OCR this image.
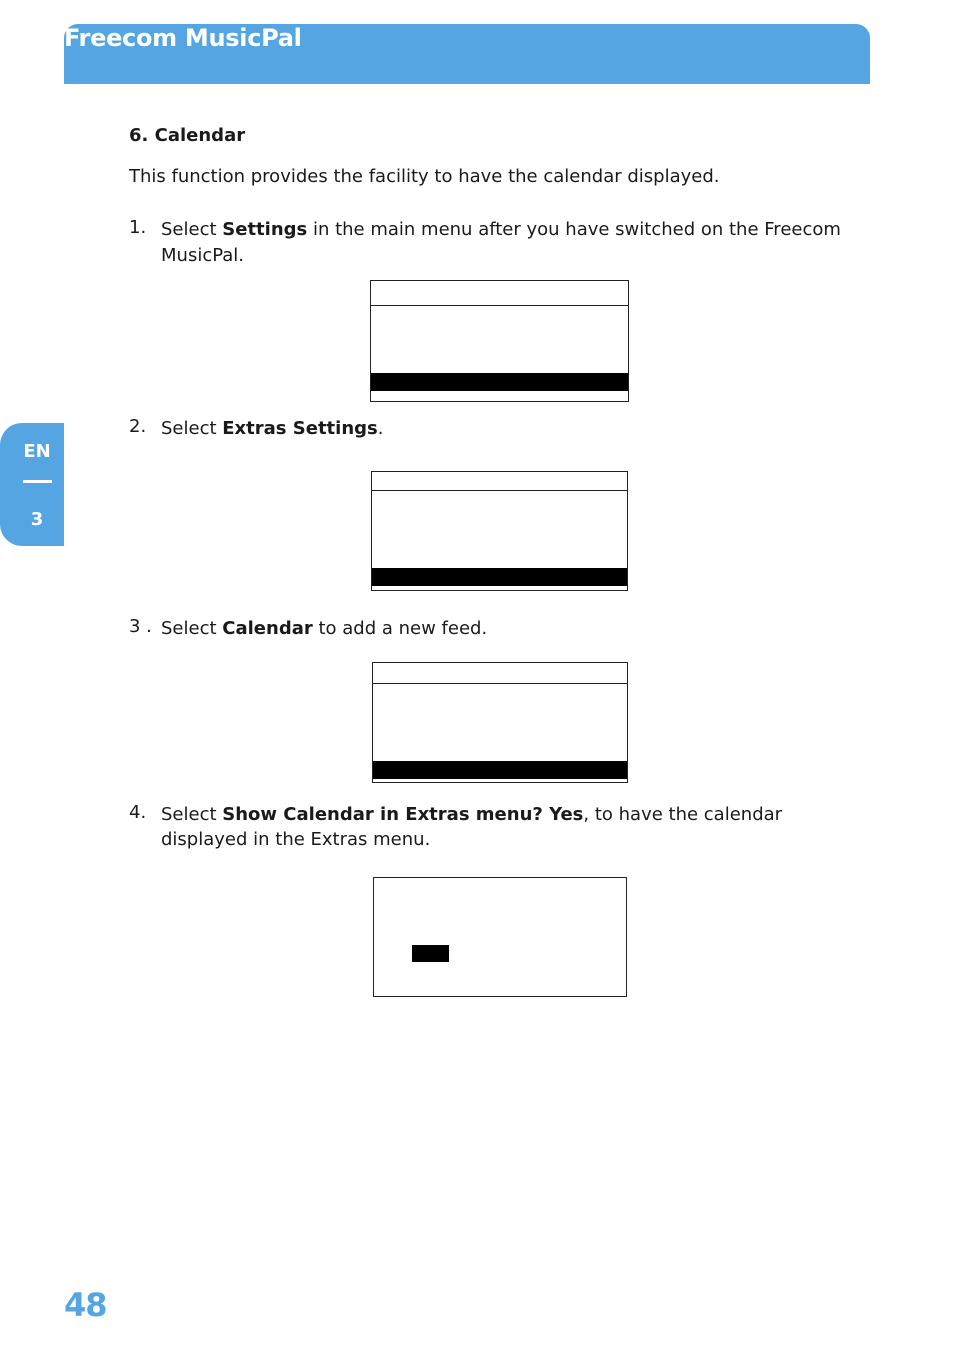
Freecom MusicPal
EN
3
6. Calendar

This function provides the facility to have the calendar displayed.

1. Select Settings in the main menu after you have switched on the Freecom MusicPal.
2. Select Extras Settings.
3 . Select Calendar to add a new feed.
4. Select Show Calendar in Extras menu? Yes, to have the calendar displayed in the Extras menu.

48
